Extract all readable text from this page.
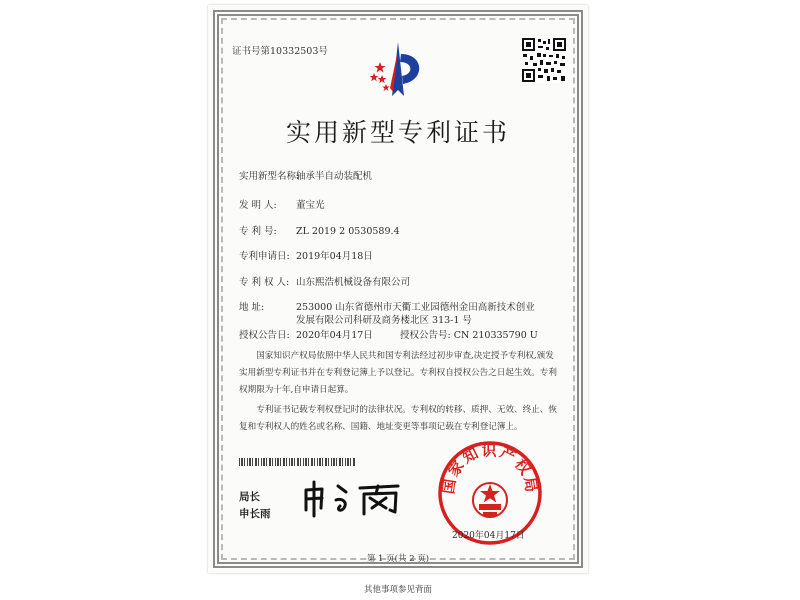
证书号第10332503号
实用新型专利证书
实用新型名称:轴承半自动装配机
发 明 人: 董宝光
专 利 号: ZL 2019 2 0530589.4
专利申请日: 2019年04月18日
专 利 权 人: 山东熙浩机械设备有限公司
地 址:	253000 山东省德州市天衢工业园德州金田高新技术创业
发展有限公司科研及商务楼北区 313-1 号
授权公告日: 2020年04月17日	授权公告号: CN 210335790 U
国家知识产权局依照中华人民共和国专利法经过初步审查,决定授予专利权,颁发实用新型专利证书并在专利登记簿上予以登记。专利权自授权公告之日起生效。专利权期限为十年,自申请日起算。
专利证书记载专利权登记时的法律状况。专利权的转移、质押、无效、终止、恢复和专利权人的姓名或名称、国籍、地址变更等事项记载在专利登记簿上。
局长
申长雨
国家知识产权局
2020年04月17日
第 1 页(共 2 页)
其他事项参见背面
